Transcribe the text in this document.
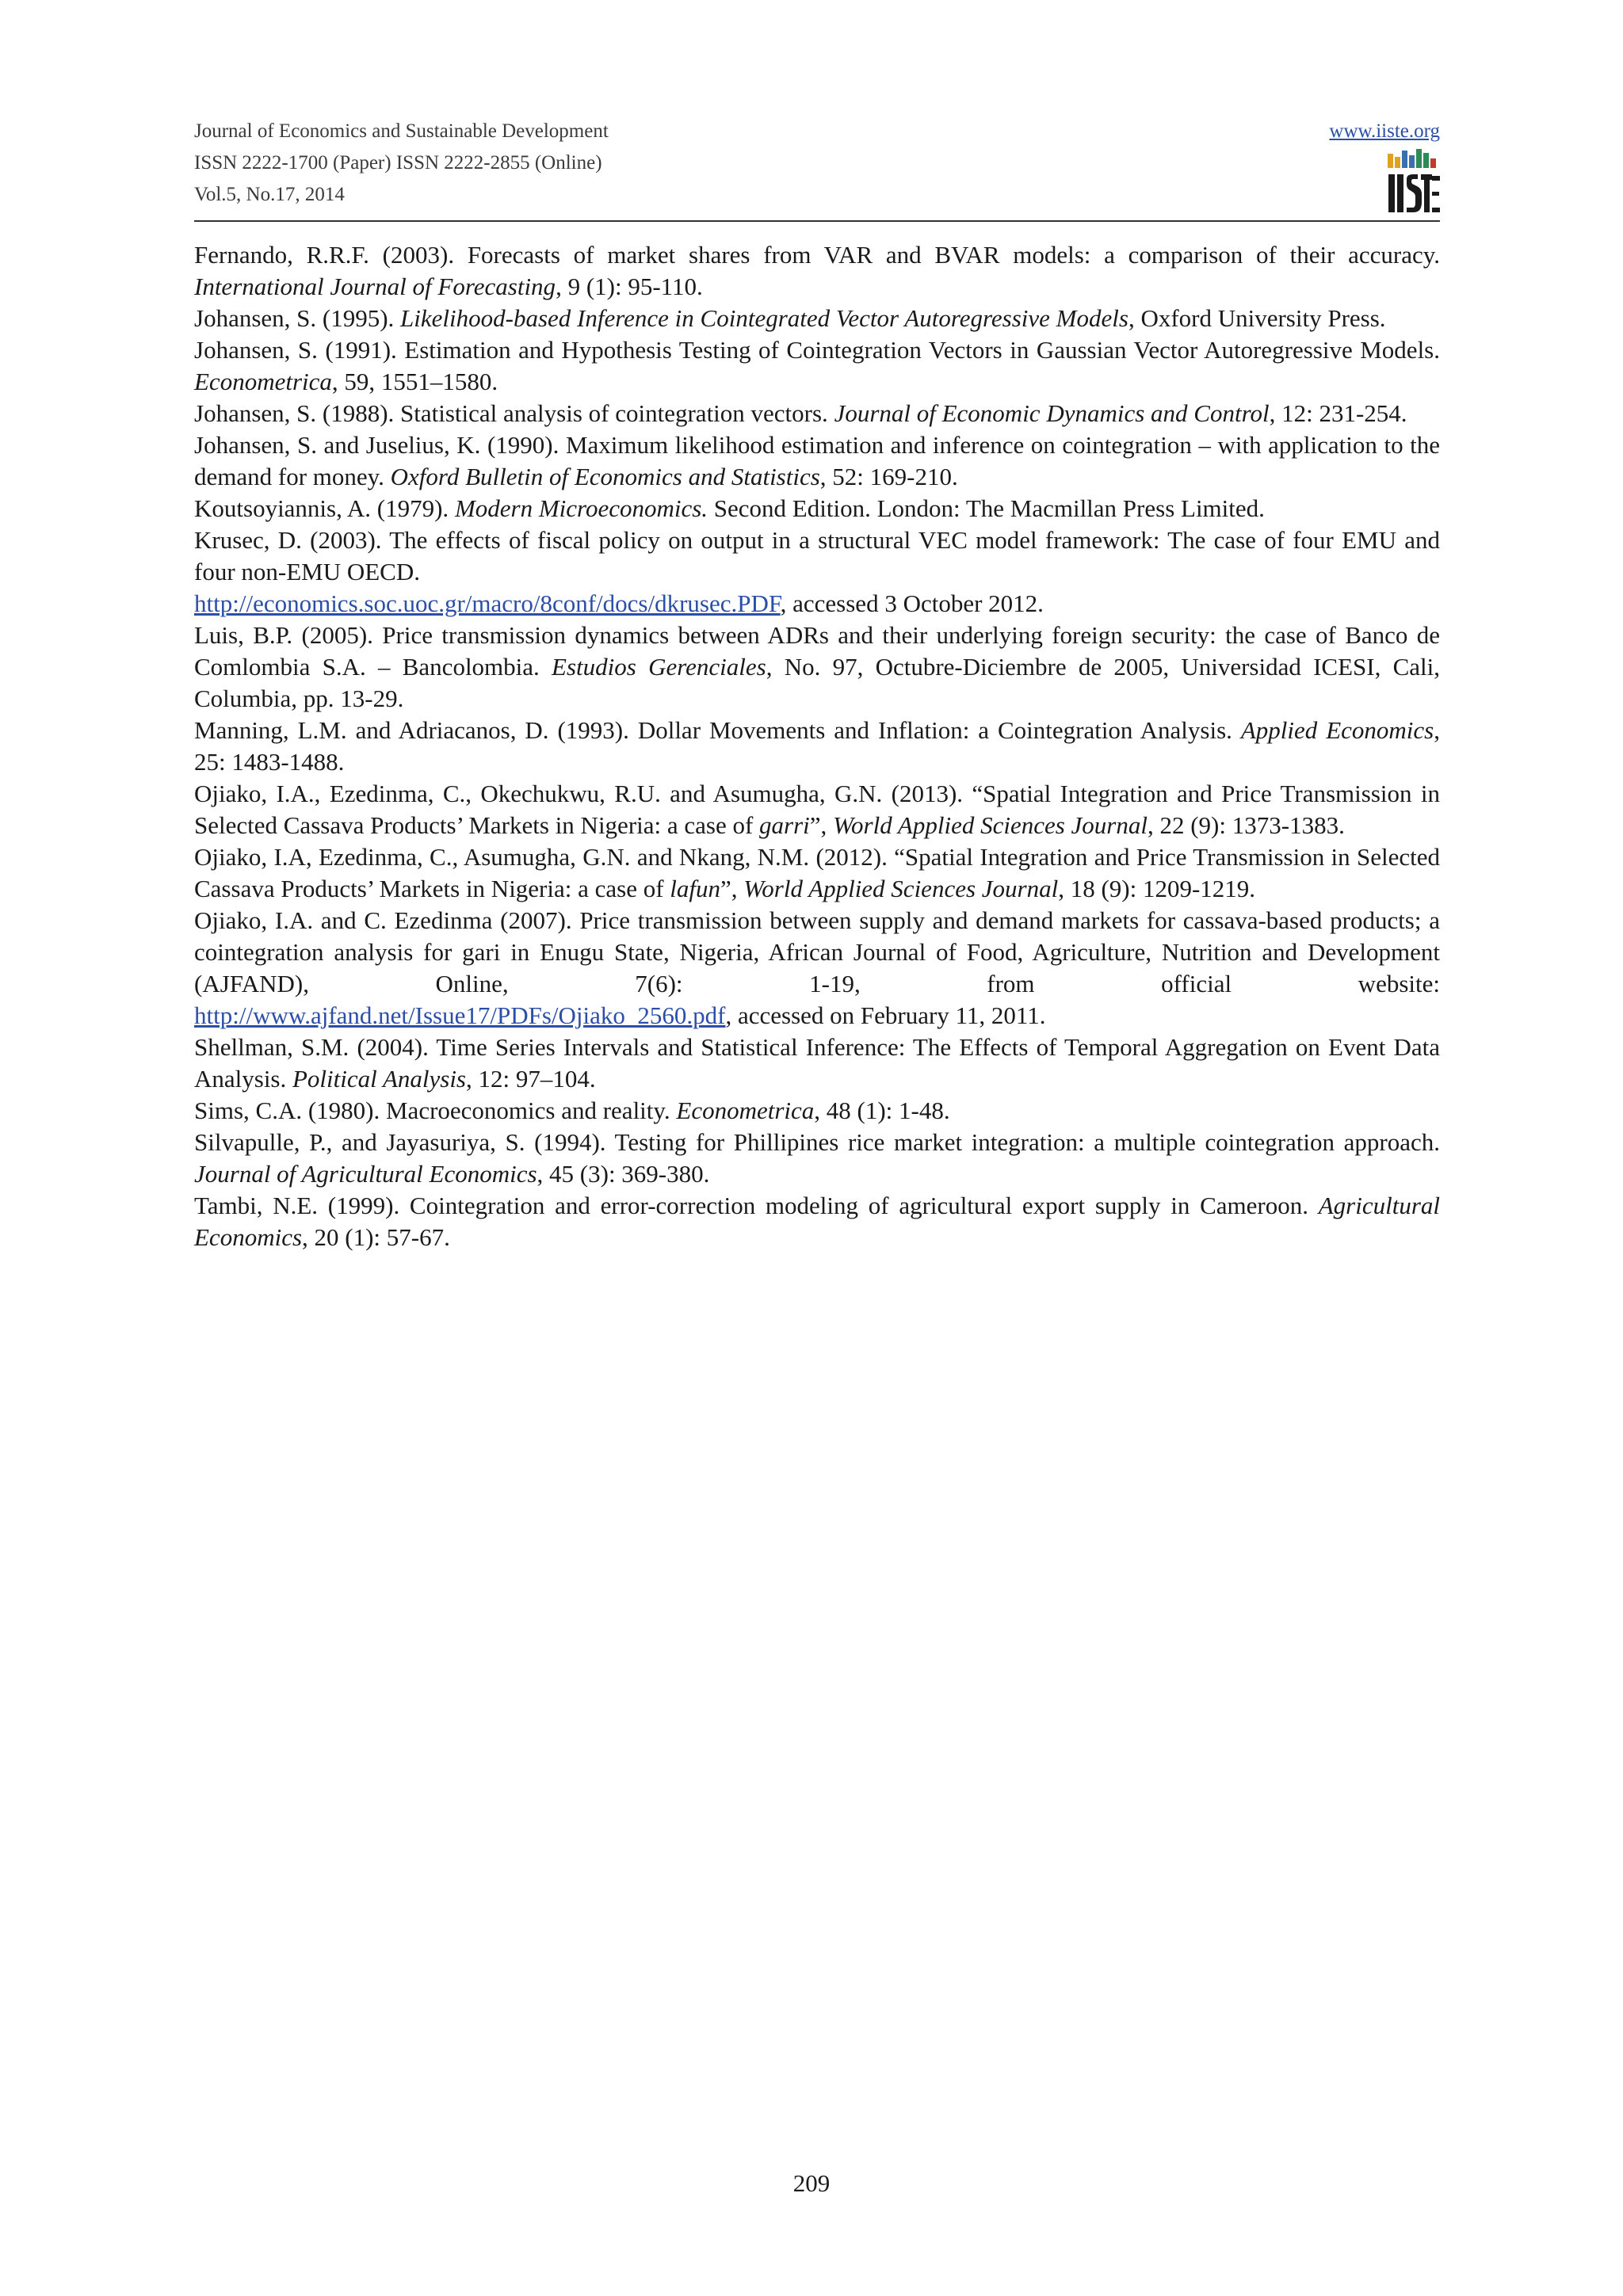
Journal of Economics and Sustainable Development
ISSN 2222-1700 (Paper) ISSN 2222-2855 (Online)
Vol.5, No.17, 2014
www.iiste.org

Fernando, R.R.F. (2003). Forecasts of market shares from VAR and BVAR models: a comparison of their accuracy. International Journal of Forecasting, 9 (1): 95-110.

Johansen, S. (1995). Likelihood-based Inference in Cointegrated Vector Autoregressive Models, Oxford University Press.

Johansen, S. (1991). Estimation and Hypothesis Testing of Cointegration Vectors in Gaussian Vector Autoregressive Models. Econometrica, 59, 1551–1580.

Johansen, S. (1988). Statistical analysis of cointegration vectors. Journal of Economic Dynamics and Control, 12: 231-254.

Johansen, S. and Juselius, K. (1990). Maximum likelihood estimation and inference on cointegration – with application to the demand for money. Oxford Bulletin of Economics and Statistics, 52: 169-210.

Koutsoyiannis, A. (1979). Modern Microeconomics. Second Edition. London: The Macmillan Press Limited.

Krusec, D. (2003). The effects of fiscal policy on output in a structural VEC model framework: The case of four EMU and four non-EMU OECD.
http://economics.soc.uoc.gr/macro/8conf/docs/dkrusec.PDF, accessed 3 October 2012.

Luis, B.P. (2005). Price transmission dynamics between ADRs and their underlying foreign security: the case of Banco de Comlombia S.A. – Bancolombia. Estudios Gerenciales, No. 97, Octubre-Diciembre de 2005, Universidad ICESI, Cali, Columbia, pp. 13-29.

Manning, L.M. and Adriacanos, D. (1993). Dollar Movements and Inflation: a Cointegration Analysis. Applied Economics, 25: 1483-1488.

Ojiako, I.A., Ezedinma, C., Okechukwu, R.U. and Asumugha, G.N. (2013). “Spatial Integration and Price Transmission in Selected Cassava Products’ Markets in Nigeria: a case of garri”, World Applied Sciences Journal, 22 (9): 1373-1383.

Ojiako, I.A, Ezedinma, C., Asumugha, G.N. and Nkang, N.M. (2012). “Spatial Integration and Price Transmission in Selected Cassava Products’ Markets in Nigeria: a case of lafun”, World Applied Sciences Journal, 18 (9): 1209-1219.

Ojiako, I.A. and C. Ezedinma (2007). Price transmission between supply and demand markets for cassava-based products; a cointegration analysis for gari in Enugu State, Nigeria, African Journal of Food, Agriculture, Nutrition and Development (AJFAND), Online, 7(6): 1-19, from official website:

http://www.ajfand.net/Issue17/PDFs/Ojiako_2560.pdf, accessed on February 11, 2011.

Shellman, S.M. (2004). Time Series Intervals and Statistical Inference: The Effects of Temporal Aggregation on Event Data Analysis. Political Analysis, 12: 97–104.

Sims, C.A. (1980). Macroeconomics and reality. Econometrica, 48 (1): 1-48.

Silvapulle, P., and Jayasuriya, S. (1994). Testing for Phillipines rice market integration: a multiple cointegration approach. Journal of Agricultural Economics, 45 (3): 369-380.

Tambi, N.E. (1999). Cointegration and error-correction modeling of agricultural export supply in Cameroon. Agricultural Economics, 20 (1): 57-67.

209
